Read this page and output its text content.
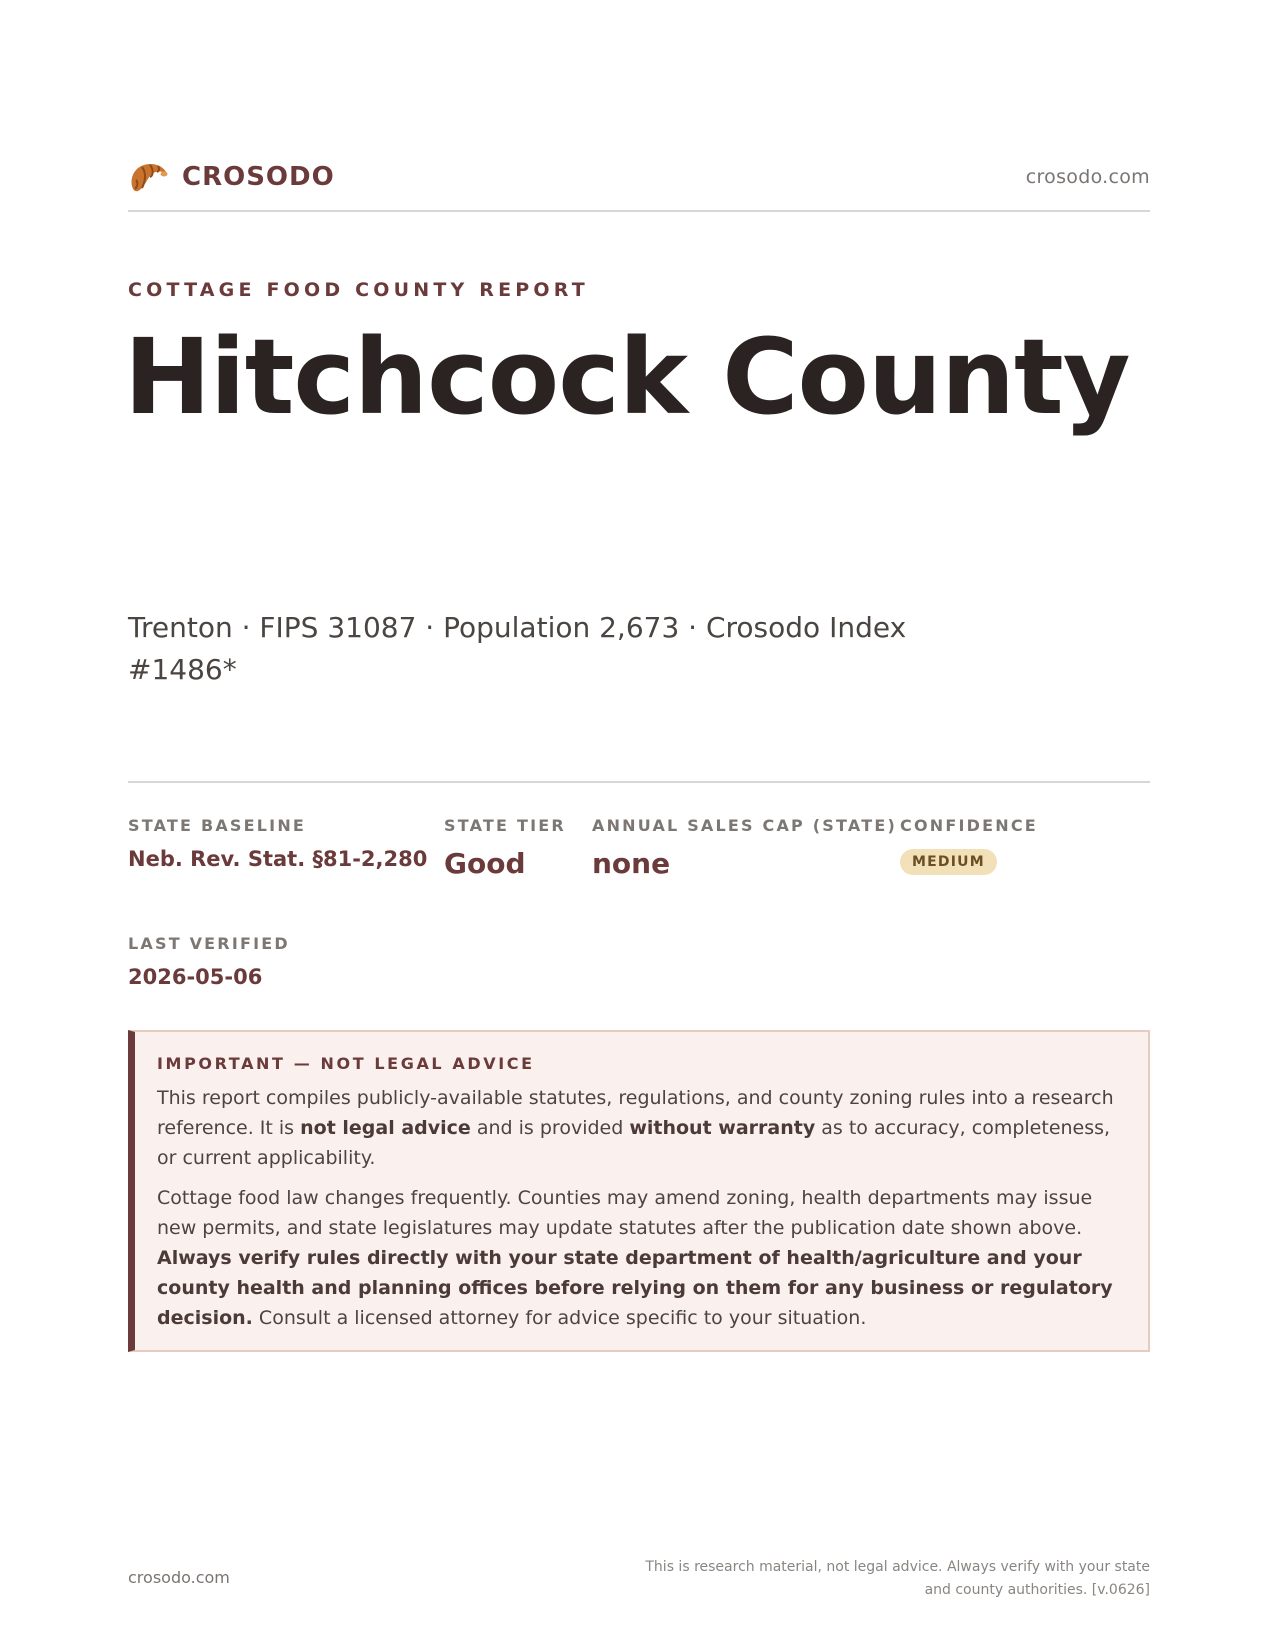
CROSODO	crosodo.com
COTTAGE FOOD COUNTY REPORT
Hitchcock County

Trenton · FIPS 31087 · Population 2,673 · Crosodo Index #1486*

STATE BASELINE
Neb. Rev. Stat. §81-2,280
STATE TIER
Good
ANNUAL SALES CAP (STATE)
none
CONFIDENCE
MEDIUM
LAST VERIFIED
2026-05-06
IMPORTANT — NOT LEGAL ADVICE

This report compiles publicly-available statutes, regulations, and county zoning rules into a research reference. It is not legal advice and is provided without warranty as to accuracy, completeness, or current applicability.

Cottage food law changes frequently. Counties may amend zoning, health departments may issue new permits, and state legislatures may update statutes after the publication date shown above. Always verify rules directly with your state department of health/agriculture and your county health and planning offices before relying on them for any business or regulatory decision. Consult a licensed attorney for advice specific to your situation.

crosodo.com
This is research material, not legal advice. Always verify with your state and county authorities. [v.0626]
